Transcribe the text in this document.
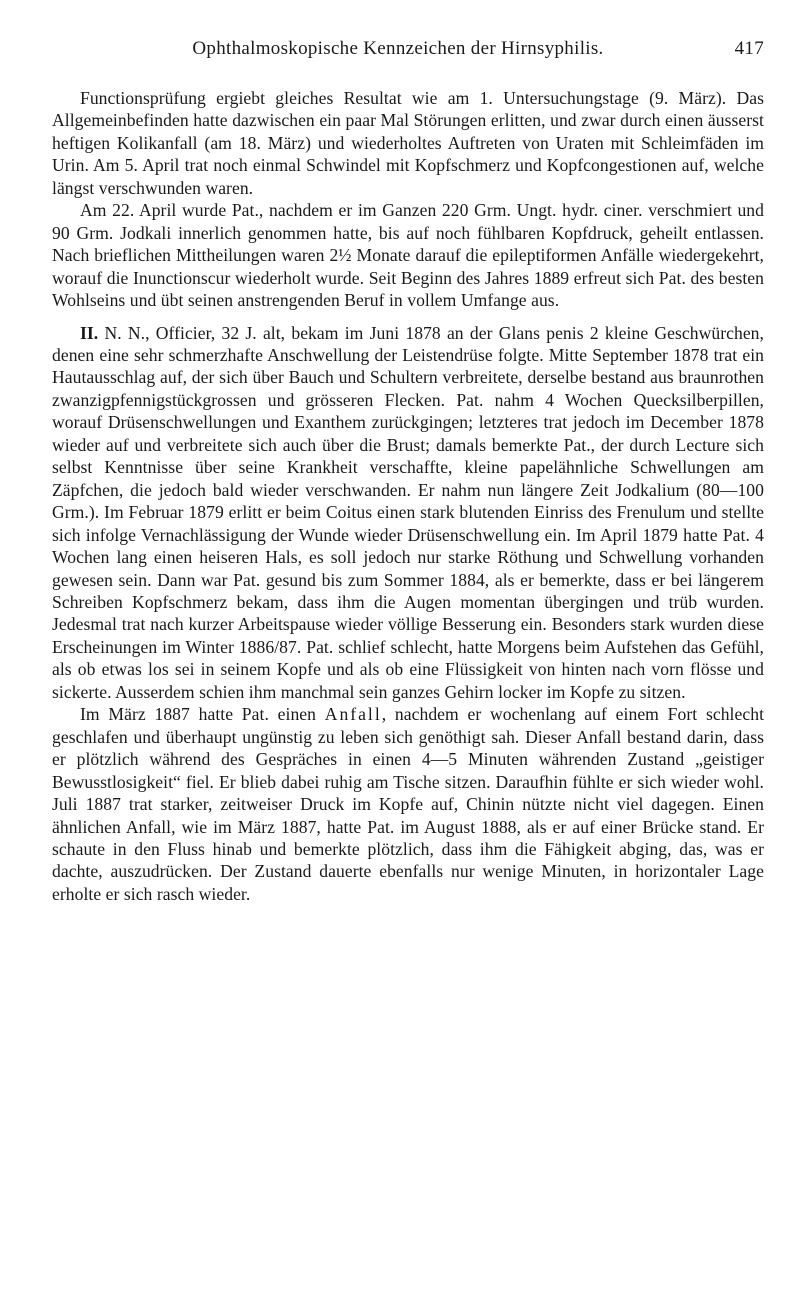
Ophthalmoskopische Kennzeichen der Hirnsyphilis.	417

Functionsprüfung ergiebt gleiches Resultat wie am 1. Untersuchungstage (9. März). Das Allgemeinbefinden hatte dazwischen ein paar Mal Störungen erlitten, und zwar durch einen äusserst heftigen Kolikanfall (am 18. März) und wiederholtes Auftreten von Uraten mit Schleimfäden im Urin. Am 5. April trat noch einmal Schwindel mit Kopfschmerz und Kopfcongestionen auf, welche längst verschwunden waren.

Am 22. April wurde Pat., nachdem er im Ganzen 220 Grm. Ungt. hydr. ciner. verschmiert und 90 Grm. Jodkali innerlich genommen hatte, bis auf noch fühlbaren Kopfdruck, geheilt entlassen. Nach brieflichen Mittheilungen waren 2½ Monate darauf die epileptiformen Anfälle wiedergekehrt, worauf die Inunctionscur wiederholt wurde. Seit Beginn des Jahres 1889 erfreut sich Pat. des besten Wohlseins und übt seinen anstrengenden Beruf in vollem Umfange aus.

II. N. N., Officier, 32 J. alt, bekam im Juni 1878 an der Glans penis 2 kleine Geschwürchen, denen eine sehr schmerzhafte Anschwellung der Leistendrüse folgte. Mitte September 1878 trat ein Hautausschlag auf, der sich über Bauch und Schultern verbreitete, derselbe bestand aus braunrothen zwanzigpfennigstückgrossen und grösseren Flecken. Pat. nahm 4 Wochen Quecksilberpillen, worauf Drüsenschwellungen und Exanthem zurückgingen; letzteres trat jedoch im December 1878 wieder auf und verbreitete sich auch über die Brust; damals bemerkte Pat., der durch Lecture sich selbst Kenntnisse über seine Krankheit verschaffte, kleine papelähnliche Schwellungen am Zäpfchen, die jedoch bald wieder verschwanden. Er nahm nun längere Zeit Jodkalium (80—100 Grm.). Im Februar 1879 erlitt er beim Coitus einen stark blutenden Einriss des Frenulum und stellte sich infolge Vernachlässigung der Wunde wieder Drüsenschwellung ein. Im April 1879 hatte Pat. 4 Wochen lang einen heiseren Hals, es soll jedoch nur starke Röthung und Schwellung vorhanden gewesen sein. Dann war Pat. gesund bis zum Sommer 1884, als er bemerkte, dass er bei längerem Schreiben Kopfschmerz bekam, dass ihm die Augen momentan übergingen und trüb wurden. Jedesmal trat nach kurzer Arbeitspause wieder völlige Besserung ein. Besonders stark wurden diese Erscheinungen im Winter 1886/87. Pat. schlief schlecht, hatte Morgens beim Aufstehen das Gefühl, als ob etwas los sei in seinem Kopfe und als ob eine Flüssigkeit von hinten nach vorn flösse und sickerte. Ausserdem schien ihm manchmal sein ganzes Gehirn locker im Kopfe zu sitzen.

Im März 1887 hatte Pat. einen Anfall, nachdem er wochenlang auf einem Fort schlecht geschlafen und überhaupt ungünstig zu leben sich genöthigt sah. Dieser Anfall bestand darin, dass er plötzlich während des Gespräches in einen 4—5 Minuten währenden Zustand „geistiger Bewusstlosigkeit“ fiel. Er blieb dabei ruhig am Tische sitzen. Daraufhin fühlte er sich wieder wohl. Juli 1887 trat starker, zeitweiser Druck im Kopfe auf, Chinin nützte nicht viel dagegen. Einen ähnlichen Anfall, wie im März 1887, hatte Pat. im August 1888, als er auf einer Brücke stand. Er schaute in den Fluss hinab und bemerkte plötzlich, dass ihm die Fähigkeit abging, das, was er dachte, auszudrücken. Der Zustand dauerte ebenfalls nur wenige Minuten, in horizontaler Lage erholte er sich rasch wieder.
